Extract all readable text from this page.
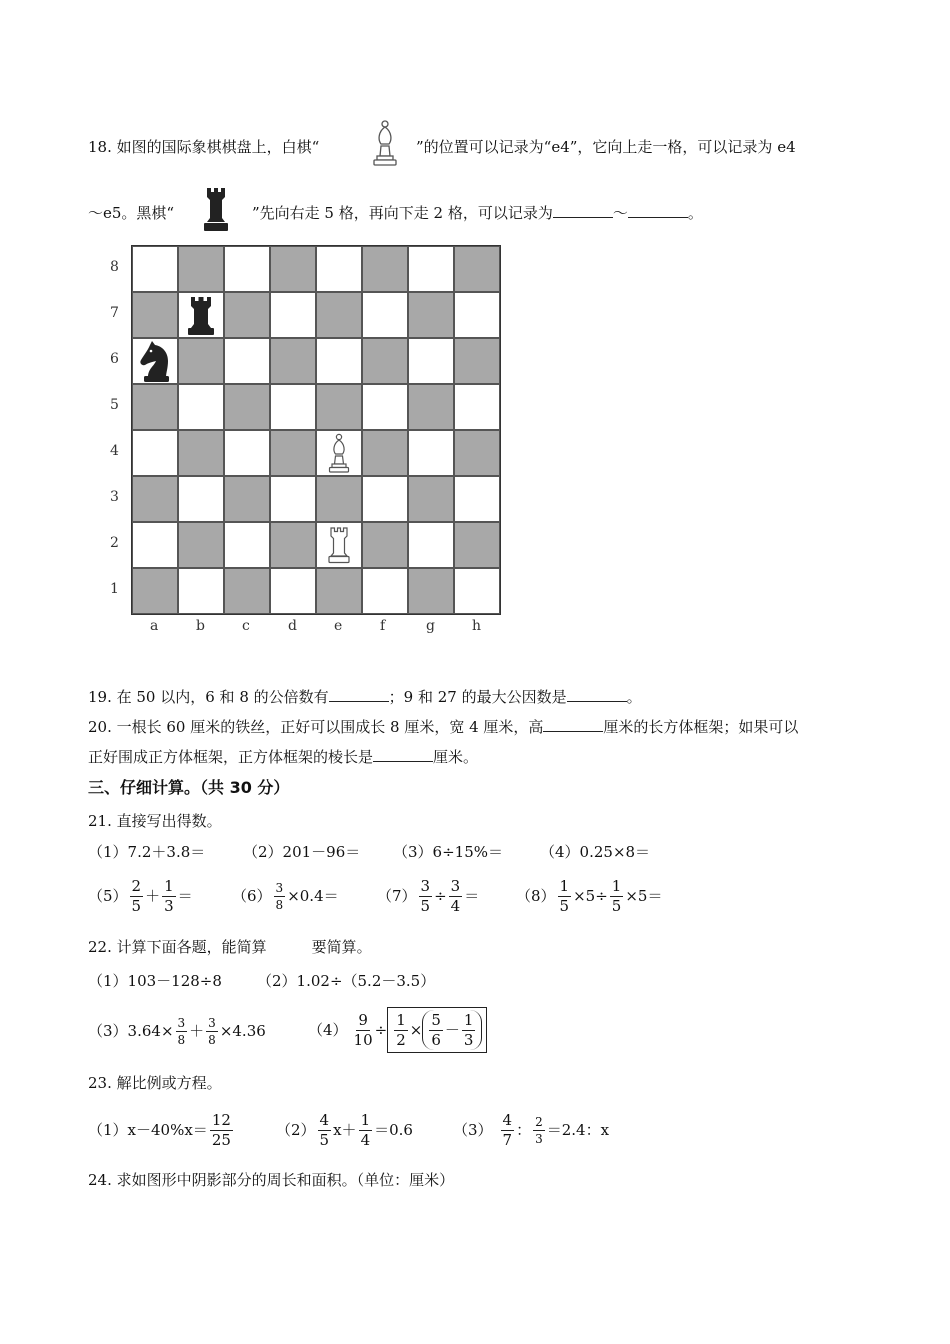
18. 如图的国际象棋棋盘上，白棋“	”的位置可以记录为“e4”，它向上走一格，可以记录为 e4
～e5。黑棋“	”先向右走 5 格，再向下走 2 格，可以记录为	～	。
8
7
6
5
4
3
2
1
a	b	c	d	e	f	g	h
19. 在 50 以内，6 和 8 的公倍数有	；9 和 27 的最大公因数是	。
20. 一根长 60 厘米的铁丝，正好可以围成长 8 厘米，宽 4 厘米，高	厘米的长方体框架；如果可以
正好围成正方体框架，正方体框架的棱长是	厘米。
三、仔细计算。（共 30 分）
21. 直接写出得数。
（1）7.2＋3.8＝	（2）201－96＝ （3）6÷15%＝ （4）0.25×8＝
$(5) \frac{2}{5} + \frac{1}{3}$ ＝	$(6) \frac{3}{8} \times 0.4=$	$(7) \frac{3}{5} \div \frac{3}{4} = (8) \frac{1}{5} \times 5\div \frac{1}{5} \times 5=$
22. 计算下面各题，能简算	要简算。
（1）103－128÷8 （2）1.02÷（5.2－3.5）
$(3)3.64\times \frac{3}{8} + \frac{3}{8} \times 4.36$	$(4) \frac{9}{10} \div \frac{1}{2} \times \frac{5}{6} - \frac{1}{3}$
23. 解比例或方程。
$(1)x-40\%x= \frac{12}{25}$	$(2) \frac{4}{5} x+ \frac{1}{4} =0.6$	$(3) \frac{4}{7}$ ： $\frac{2}{3} =2.4$：x
24. 求如图形中阴影部分的周长和面积。（单位：厘米）
